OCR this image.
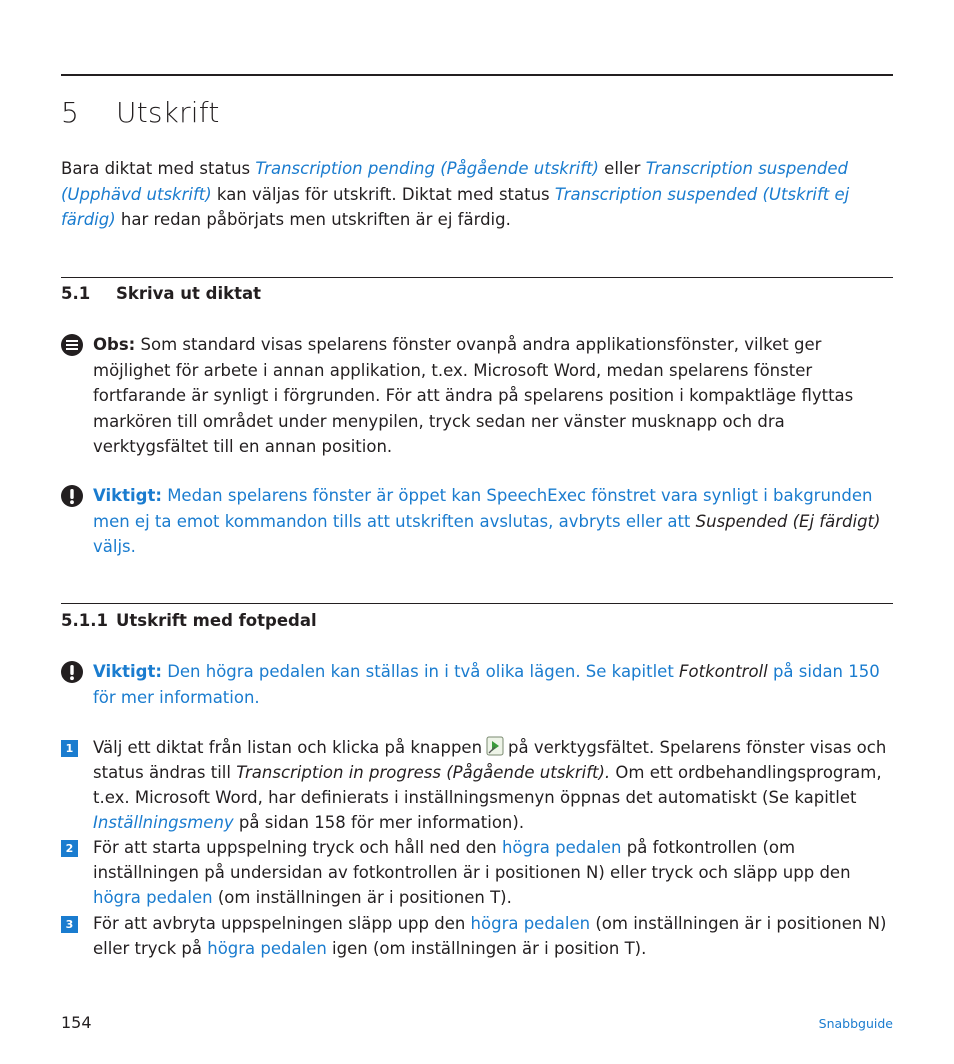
5 Utskrift
Bara diktat med status Transcription pending (Pågående utskrift) eller Transcription suspended (Upphävd utskrift) kan väljas för utskrift. Diktat med status Transcription suspended (Utskrift ej färdig) har redan påbörjats men utskriften är ej färdig.
5.1 Skriva ut diktat
Obs: Som standard visas spelarens fönster ovanpå andra applikationsfönster, vilket ger möjlighet för arbete i annan applikation, t.ex. Microsoft Word, medan spelarens fönster fortfarande är synligt i förgrunden. För att ändra på spelarens position i kompaktläge flyttas markören till området under menypilen, tryck sedan ner vänster musknapp och dra verktygsfältet till en annan position.
Viktigt: Medan spelarens fönster är öppet kan SpeechExec fönstret vara synligt i bakgrunden men ej ta emot kommandon tills att utskriften avslutas, avbryts eller att Suspended (Ej färdigt) väljs.
5.1.1 Utskrift med fotpedal
Viktigt: Den högra pedalen kan ställas in i två olika lägen. Se kapitlet Fotkontroll på sidan 150 för mer information.
1 Välj ett diktat från listan och klicka på knappen på verktygsfältet. Spelarens fönster visas och status ändras till Transcription in progress (Pågående utskrift). Om ett ordbehandlingsprogram, t.ex. Microsoft Word, har definierats i inställningsmenyn öppnas det automatiskt (Se kapitlet Inställningsmeny på sidan 158 för mer information).
2 För att starta uppspelning tryck och håll ned den högra pedalen på fotkontrollen (om inställningen på undersidan av fotkontrollen är i positionen N) eller tryck och släpp upp den högra pedalen (om inställningen är i positionen T).
3 För att avbryta uppspelningen släpp upp den högra pedalen (om inställningen är i positionen N) eller tryck på högra pedalen igen (om inställningen är i position T).
154	Snabbguide
